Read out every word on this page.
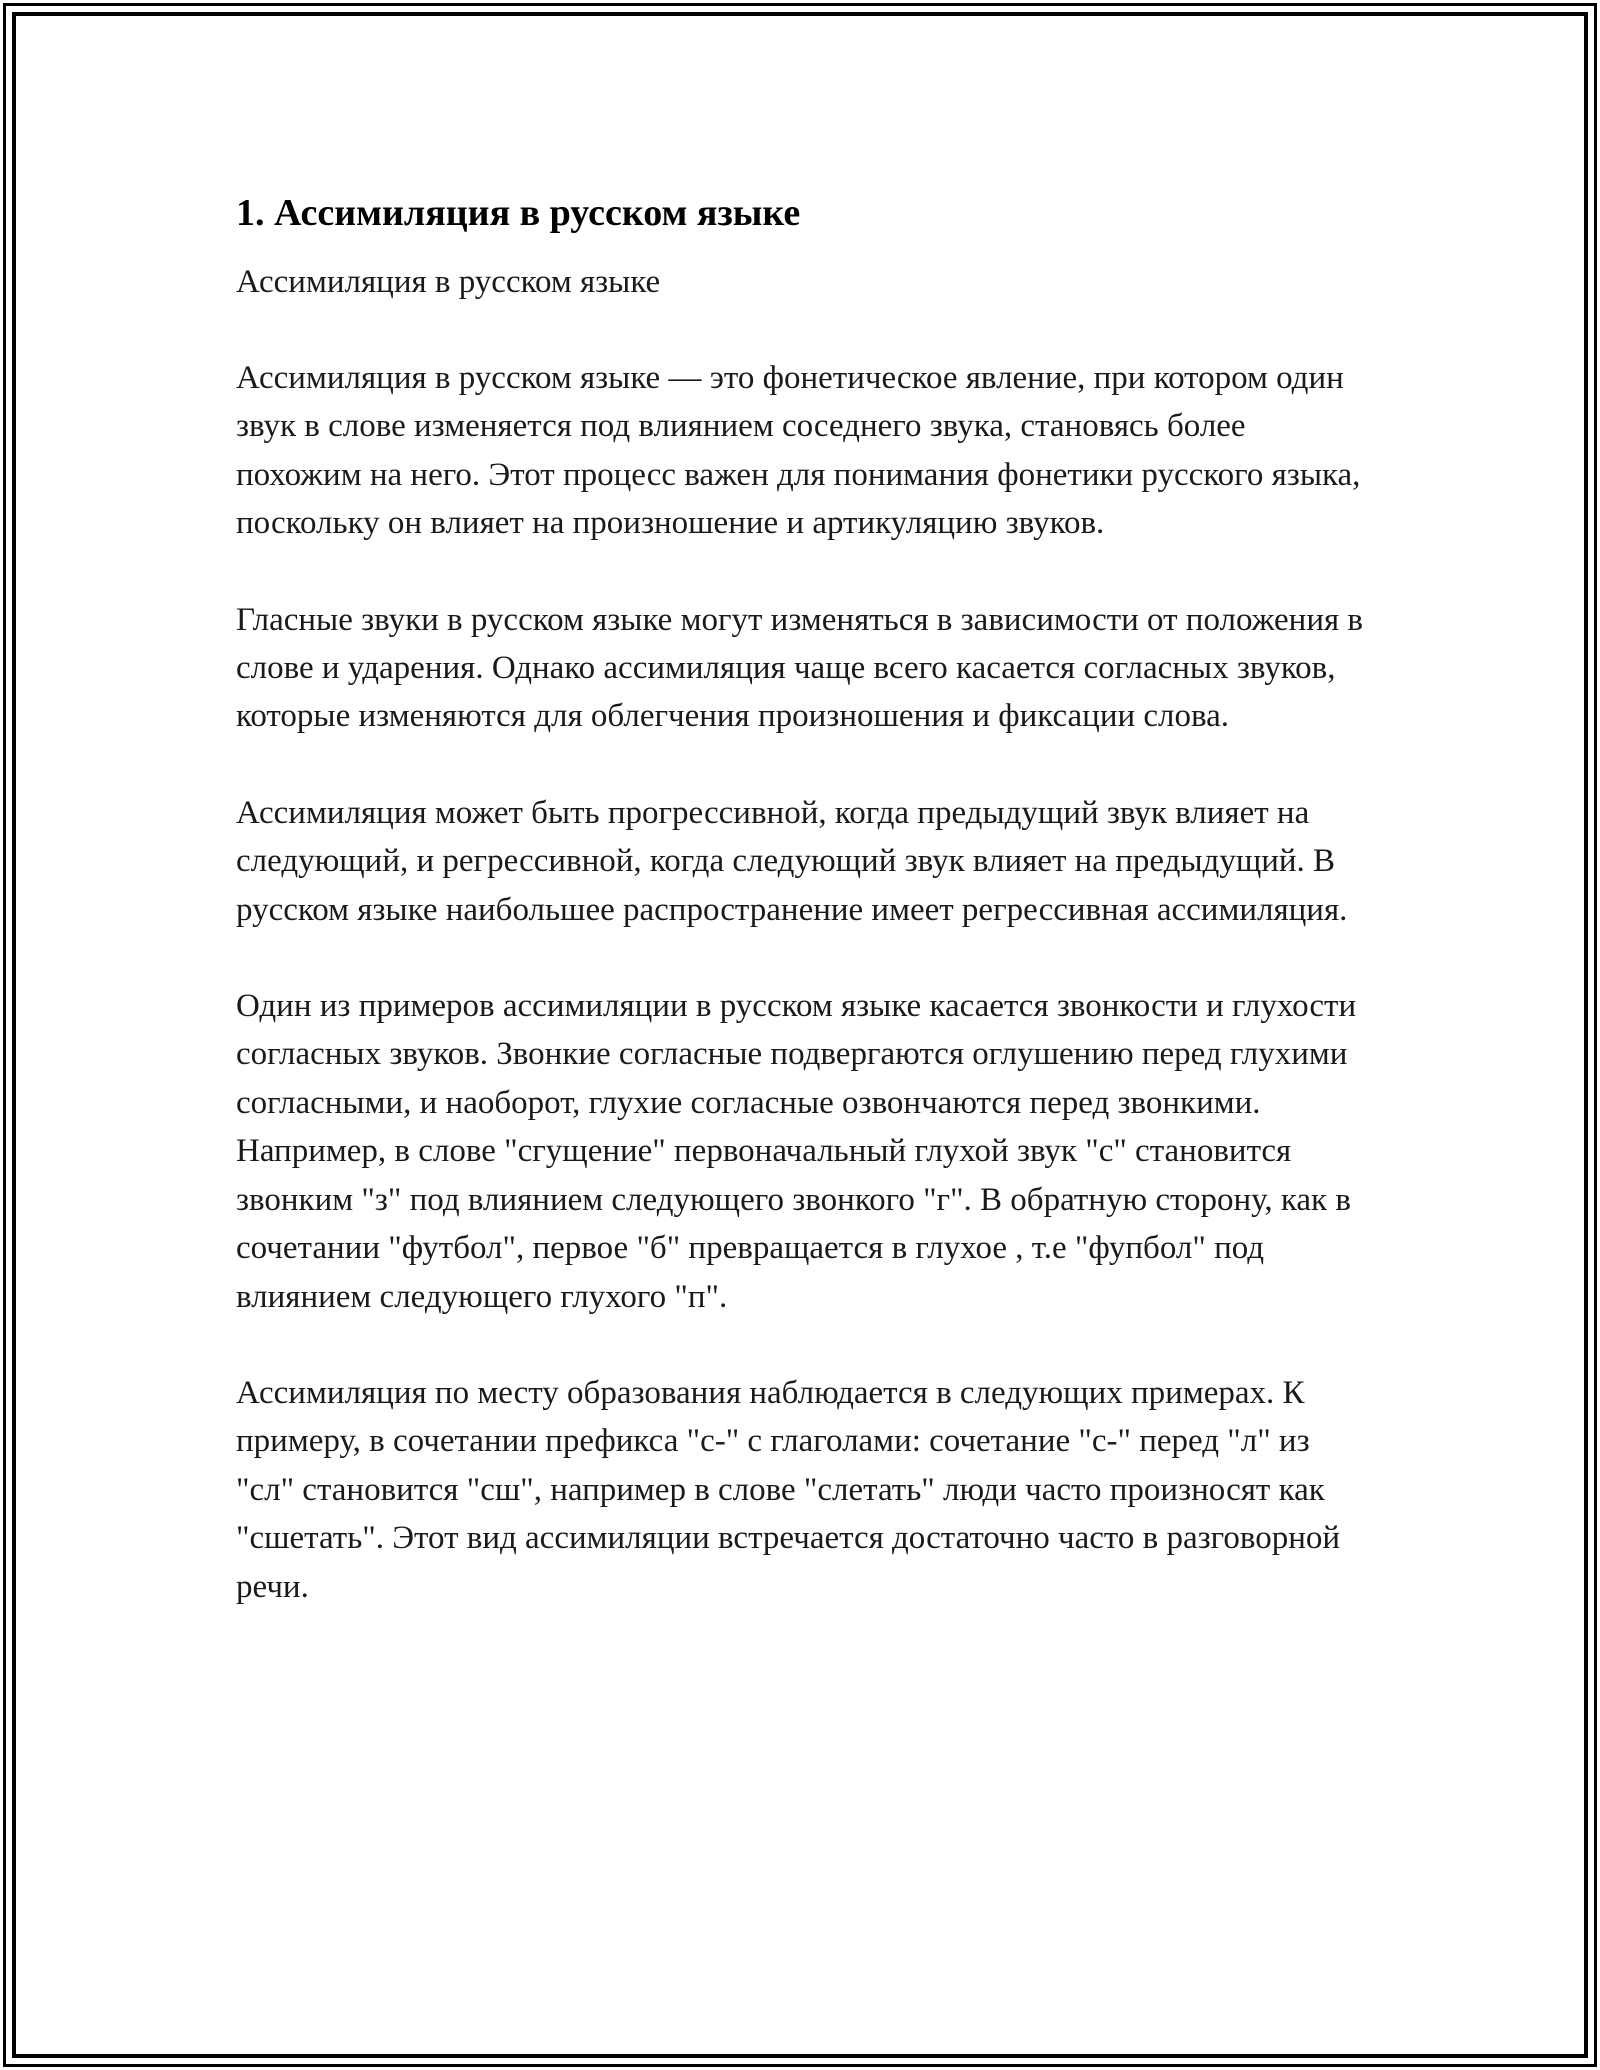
1. Ассимиляция в русском языке

Ассимиляция в русском языке

Ассимиляция в русском языке — это фонетическое явление, при котором один звук в слове изменяется под влиянием соседнего звука, становясь более похожим на него. Этот процесс важен для понимания фонетики русского языка, поскольку он влияет на произношение и артикуляцию звуков.

Гласные звуки в русском языке могут изменяться в зависимости от положения в слове и ударения. Однако ассимиляция чаще всего касается согласных звуков, которые изменяются для облегчения произношения и фиксации слова.

Ассимиляция может быть прогрессивной, когда предыдущий звук влияет на следующий, и регрессивной, когда следующий звук влияет на предыдущий. В русском языке наибольшее распространение имеет регрессивная ассимиляция.

Один из примеров ассимиляции в русском языке касается звонкости и глухости согласных звуков. Звонкие согласные подвергаются оглушению перед глухими согласными, и наоборот, глухие согласные озвончаются перед звонкими. Например, в слове "сгущение" первоначальный глухой звук "с" становится звонким "з" под влиянием следующего звонкого "г". В обратную сторону, как в сочетании "футбол", первое "б" превращается в глухое , т.е "фупбол" под влиянием следующего глухого "п".

Ассимиляция по месту образования наблюдается в следующих примерах. К примеру, в сочетании префикса "с-" с глаголами: сочетание "с-" перед "л" из "сл" становится "сш", например в слове "слетать" люди часто произносят как "сшетать". Этот вид ассимиляции встречается достаточно часто в разговорной речи.
